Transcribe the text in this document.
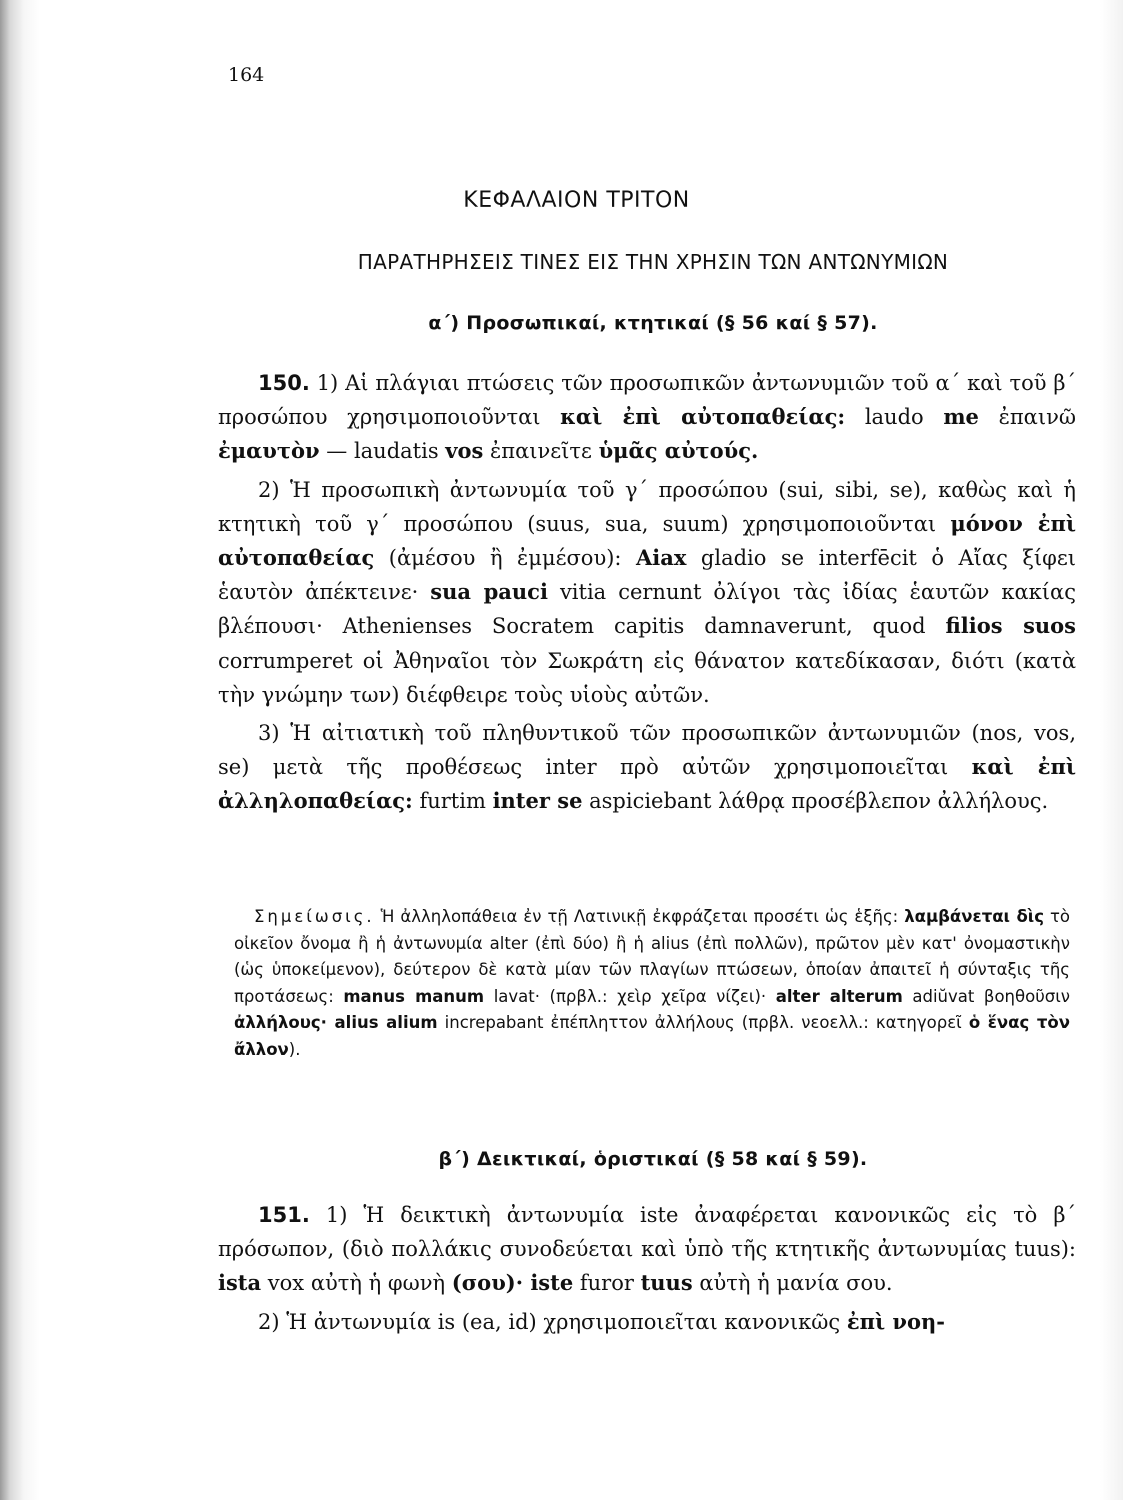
164
ΚΕΦΑΛΑΙΟΝ ΤΡΙΤΟΝ
ΠΑΡΑΤΗΡΗΣΕΙΣ ΤΙΝΕΣ ΕΙΣ ΤΗΝ ΧΡΗΣΙΝ ΤΩΝ ΑΝΤΩΝΥΜΙΩΝ
α΄) Προσωπικαί, κτητικαί (§ 56 καί § 57).

150. 1) Αἱ πλάγιαι πτώσεις τῶν προσωπικῶν ἀντωνυμιῶν τοῦ α΄ καὶ τοῦ β΄ προσώπου χρησιμοποιοῦνται καὶ ἐπὶ αὐτοπαθείας: laudo me ἐπαινῶ ἐμαυτὸν — laudatis vos ἐπαινεῖτε ὑμᾶς αὐτούς.

2) Ἡ προσωπικὴ ἀντωνυμία τοῦ γ΄ προσώπου (sui, sibi, se), καθὼς καὶ ἡ κτητικὴ τοῦ γ΄ προσώπου (suus, sua, suum) χρησιμοποιοῦνται μόνον ἐπὶ αὐτοπαθείας (ἀμέσου ἢ ἐμμέσου): Aiax gladio se interfēcit ὁ Αἴας ξίφει ἑαυτὸν ἀπέκτεινε· sua pauci vitia cernunt ὀλίγοι τὰς ἰδίας ἑαυτῶν κακίας βλέπουσι· Athenienses Socratem capitis damnaverunt, quod filios suos corrumperet οἱ Ἀθηναῖοι τὸν Σωκράτη εἰς θάνατον κατεδίκασαν, διότι (κατὰ τὴν γνώμην των) διέφθειρε τοὺς υἱοὺς αὐτῶν.

3) Ἡ αἰτιατικὴ τοῦ πληθυντικοῦ τῶν προσωπικῶν ἀντωνυμιῶν (nos, vos, se) μετὰ τῆς προθέσεως inter πρὸ αὐτῶν χρησιμοποιεῖται καὶ ἐπὶ ἀλληλοπαθείας: furtim inter se aspiciebant λάθρᾳ προσέβλεπον ἀλλήλους.

Σημείωσις. Ἡ ἀλληλοπάθεια ἐν τῇ Λατινικῇ ἐκφράζεται προσέτι ὡς ἑξῆς: λαμβάνεται δὶς τὸ οἰκεῖον ὄνομα ἢ ἡ ἀντωνυμία alter (ἐπὶ δύο) ἢ ἡ alius (ἐπὶ πολλῶν), πρῶτον μὲν κατ' ὀνομαστικὴν (ὡς ὑποκείμενον), δεύτερον δὲ κατὰ μίαν τῶν πλαγίων πτώσεων, ὁποίαν ἀπαιτεῖ ἡ σύνταξις τῆς προτάσεως: manus manum lavat· (πρβλ.: χεὶρ χεῖρα νίζει)· alter alterum adiŭvat βοηθοῦσιν ἀλλήλους· alius alium increpabant ἐπέπληττον ἀλλήλους (πρβλ. νεοελλ.: κατηγορεῖ ὁ ἕνας τὸν ἄλλον).

β΄) Δεικτικαί, ὁριστικαί (§ 58 καί § 59).

151. 1) Ἡ δεικτικὴ ἀντωνυμία iste ἀναφέρεται κανονικῶς εἰς τὸ β΄ πρόσωπον, (διὸ πολλάκις συνοδεύεται καὶ ὑπὸ τῆς κτητικῆς ἀντωνυμίας tuus): ista vox αὐτὴ ἡ φωνὴ (σου)· iste furor tuus αὐτὴ ἡ μανία σου.

2) Ἡ ἀντωνυμία is (ea, id) χρησιμοποιεῖται κανονικῶς ἐπὶ νοη-
